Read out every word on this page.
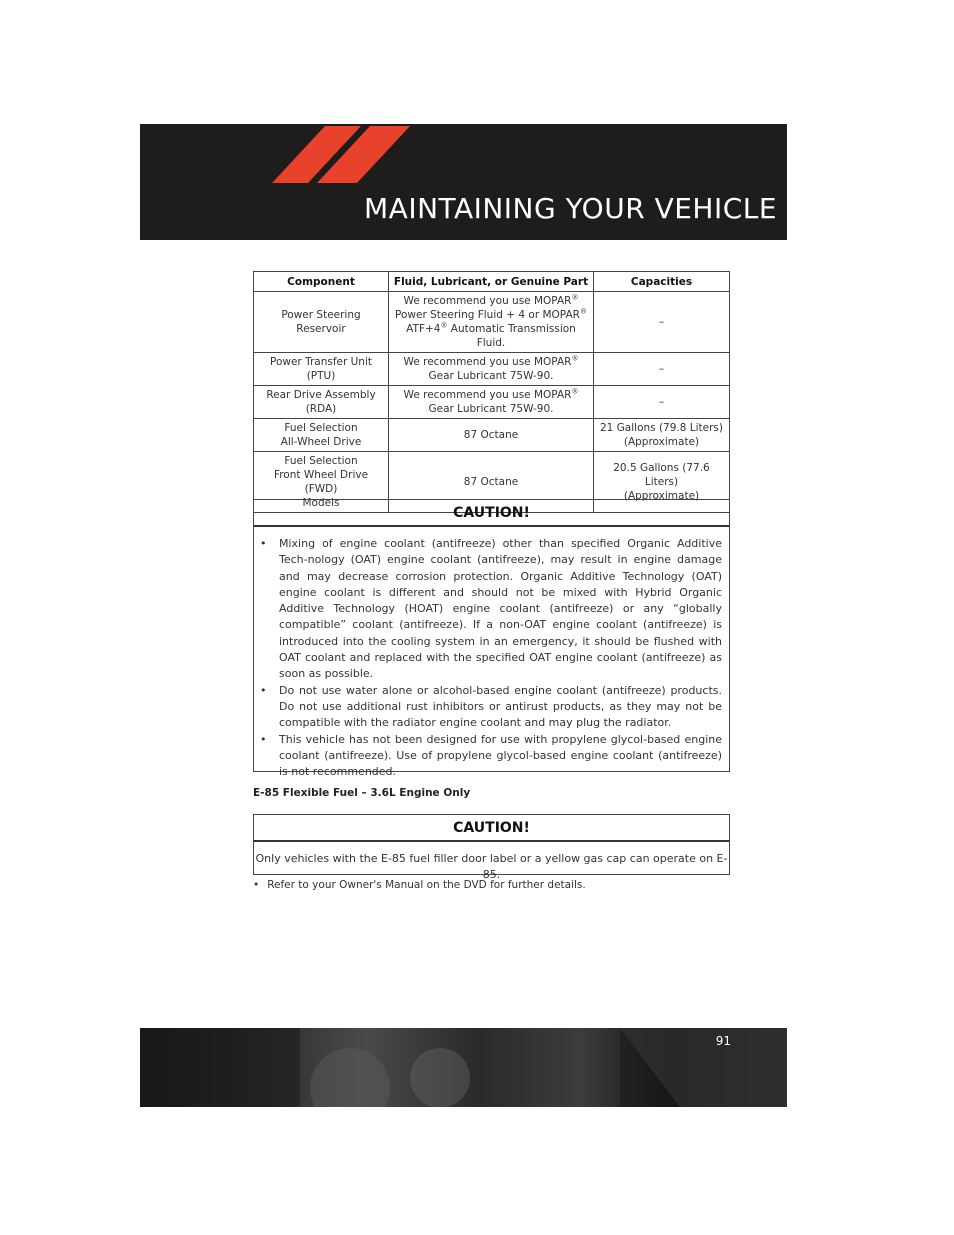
MAINTAINING YOUR VEHICLE
Component	Fluid, Lubricant, or Genuine Part	Capacities

Power Steering Reservoir	We recommend you use MOPAR®
Power Steering Fluid + 4 or MOPAR®
ATF+4® Automatic Transmission Fluid.	–

Power Transfer Unit
(PTU)	We recommend you use MOPAR®
Gear Lubricant 75W-90.	–

Rear Drive Assembly
(RDA)	We recommend you use MOPAR®
Gear Lubricant 75W-90.	–

Fuel Selection
All-Wheel Drive	87 Octane	21 Gallons (79.8 Liters)
(Approximate)

Fuel Selection
Front Wheel Drive (FWD)
Models	87 Octane	20.5 Gallons (77.6 Liters)
(Approximate)
CAUTION!
• Mixing of engine coolant (antifreeze) other than specified Organic Additive Tech-nology (OAT) engine coolant (antifreeze), may result in engine damage and may decrease corrosion protection. Organic Additive Technology (OAT) engine coolant is different and should not be mixed with Hybrid Organic Additive Technology (HOAT) engine coolant (antifreeze) or any “globally compatible” coolant (antifreeze). If a non-OAT engine coolant (antifreeze) is introduced into the cooling system in an emergency, it should be flushed with OAT coolant and replaced with the specified OAT engine coolant (antifreeze) as soon as possible.
• Do not use water alone or alcohol-based engine coolant (antifreeze) products. Do not use additional rust inhibitors or antirust products, as they may not be compatible with the radiator engine coolant and may plug the radiator.
• This vehicle has not been designed for use with propylene glycol-based engine coolant (antifreeze). Use of propylene glycol-based engine coolant (antifreeze) is not recommended.
E-85 Flexible Fuel – 3.6L Engine Only
CAUTION!
Only vehicles with the E-85 fuel filler door label or a yellow gas cap can operate on E-85.
• Refer to your Owner's Manual on the DVD for further details.
91
